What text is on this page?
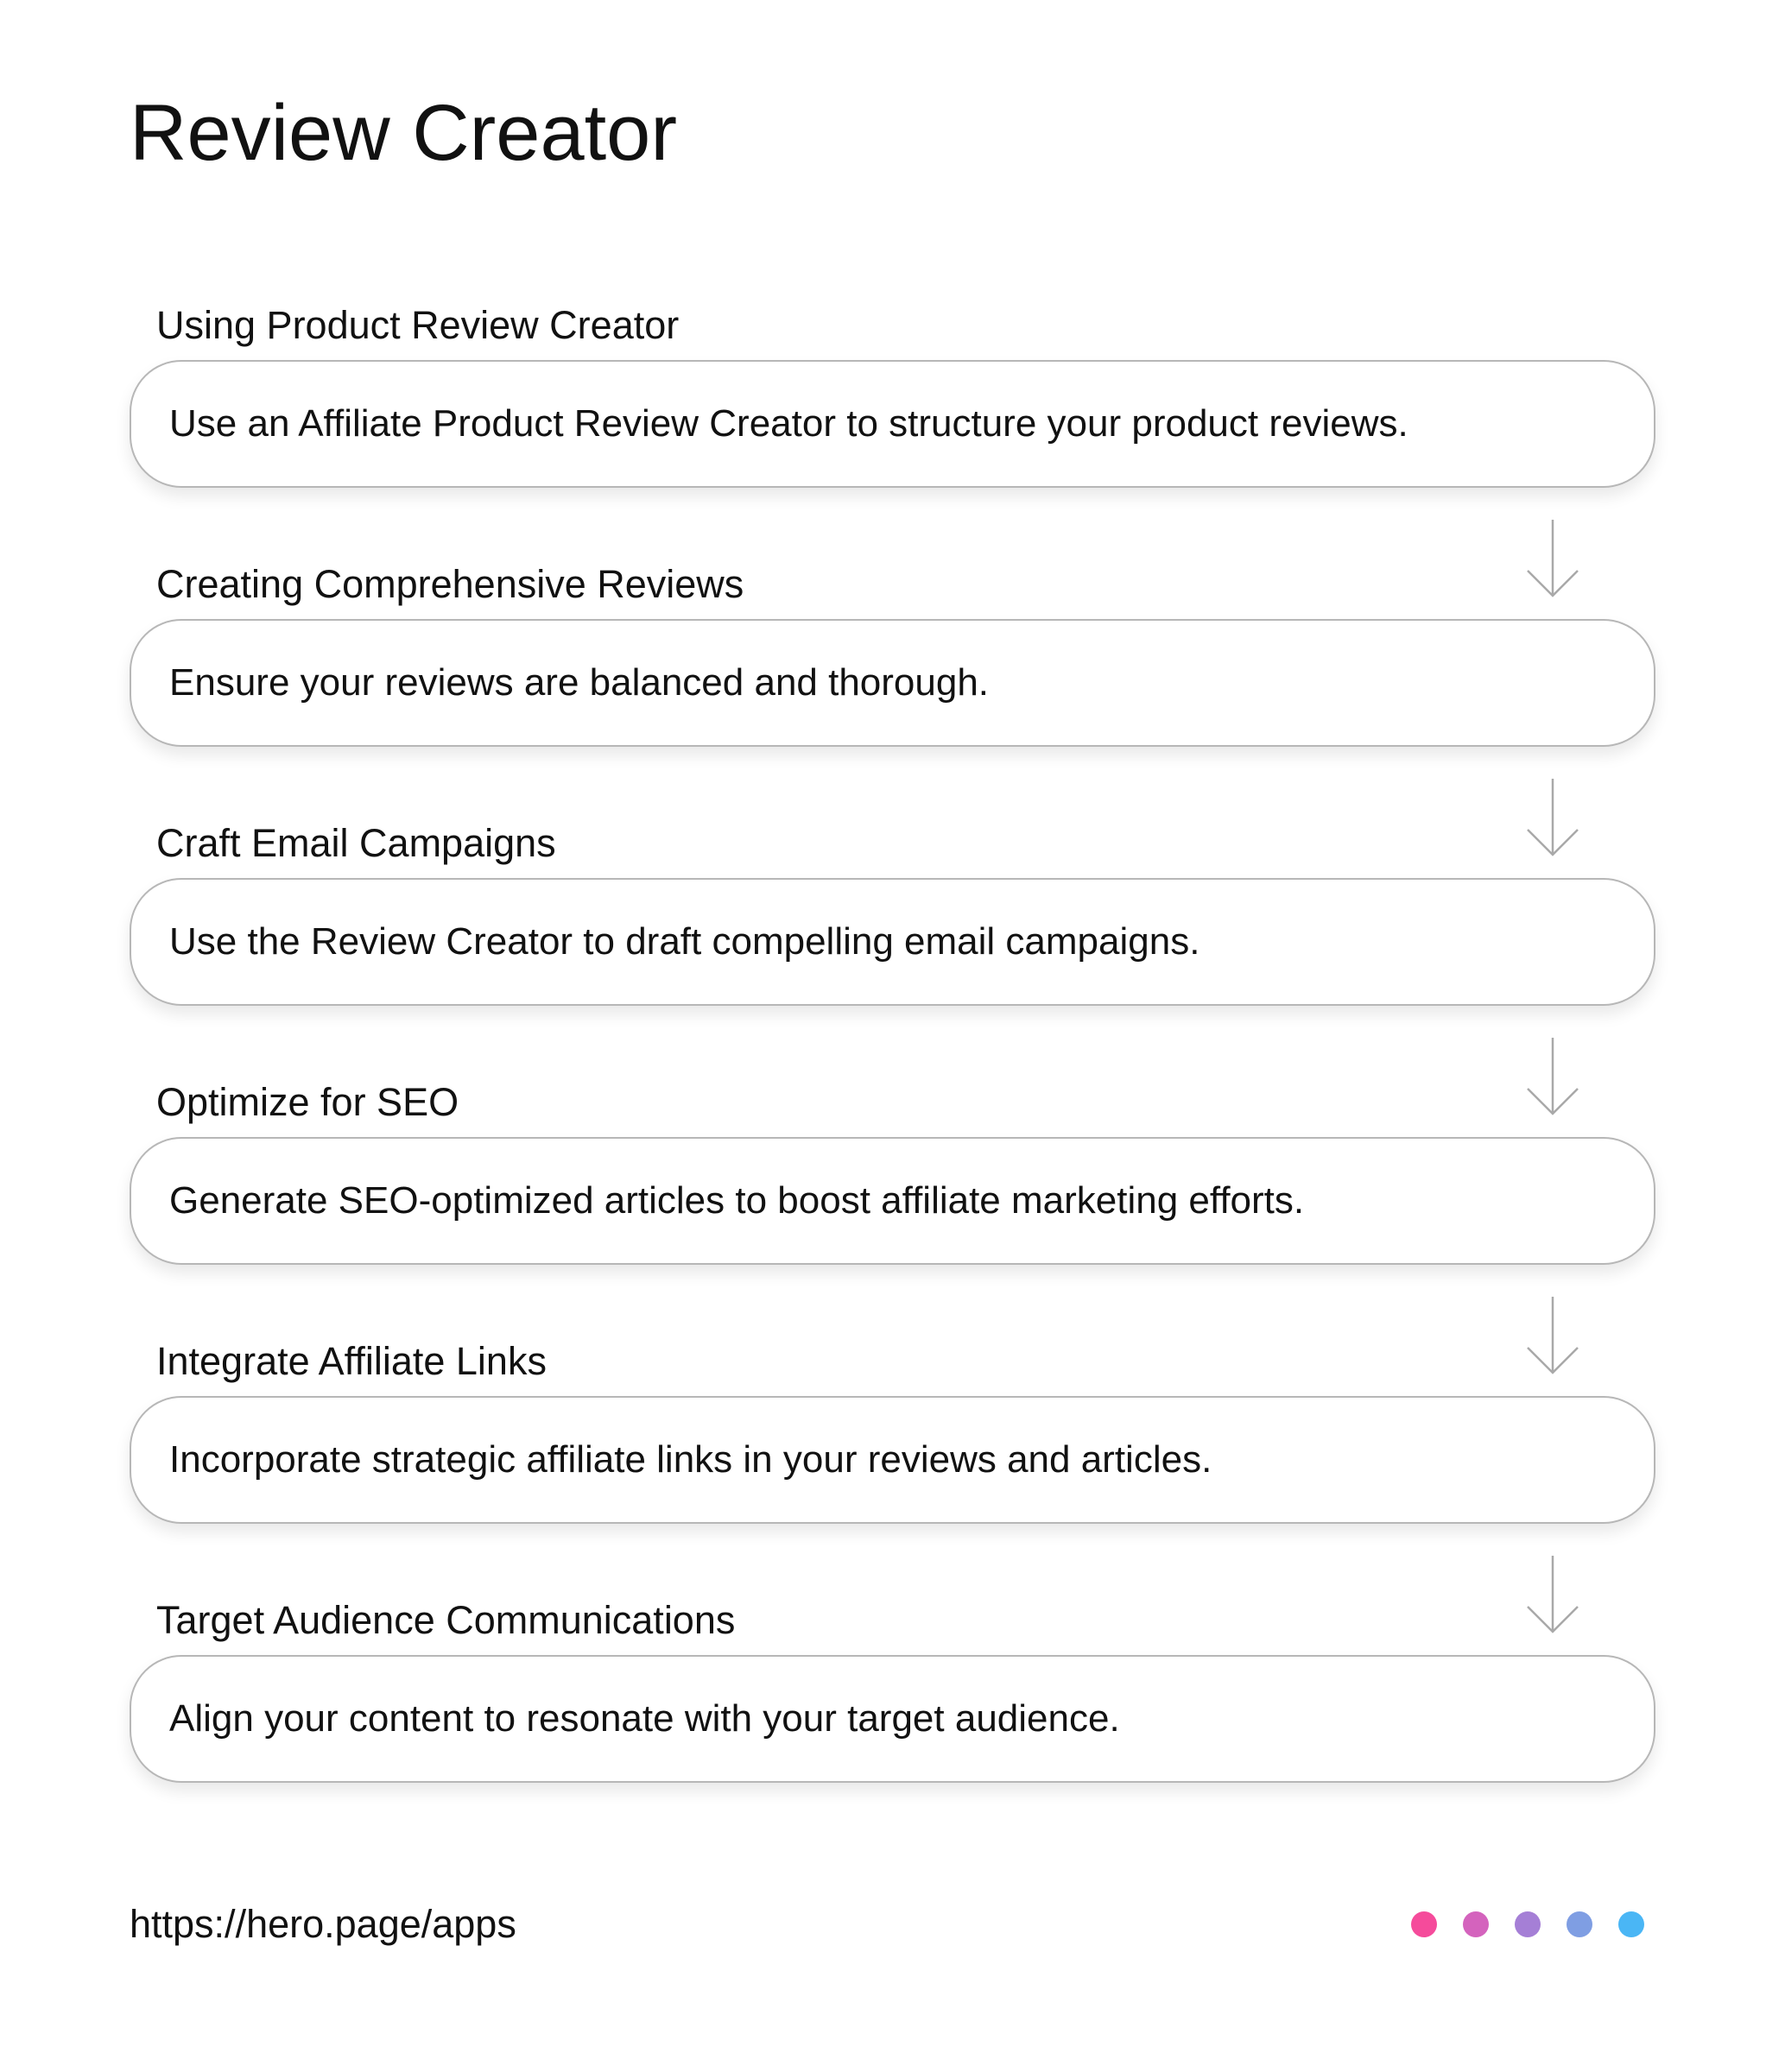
Review Creator
Using Product Review Creator
Use an Affiliate Product Review Creator to structure your product reviews.
Creating Comprehensive Reviews
Ensure your reviews are balanced and thorough.
Craft Email Campaigns
Use the Review Creator to draft compelling email campaigns.
Optimize for SEO
Generate SEO-optimized articles to boost affiliate marketing efforts.
Integrate Affiliate Links
Incorporate strategic affiliate links in your reviews and articles.
Target Audience Communications
Align your content to resonate with your target audience.
https://hero.page/apps
